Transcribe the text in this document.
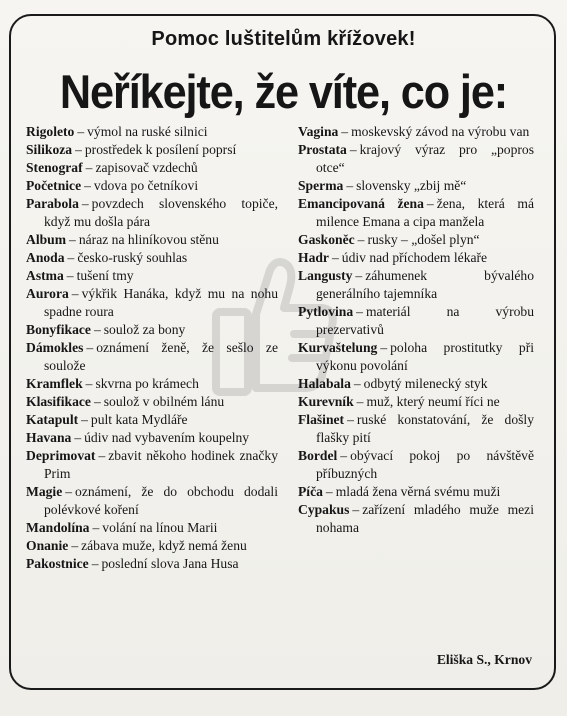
Pomoc luštitelům křížovek!
Neříkejte, že víte, co je:

Rigoleto – výmol na ruské silnici

Silikoza – prostředek k posílení poprsí

Stenograf – zapisovač vzdechů

Početnice – vdova po četníkovi

Parabola – povzdech slovenského topiče, když mu došla pára

Album – náraz na hliníkovou stěnu

Anoda – česko-ruský souhlas

Astma – tušení tmy

Aurora – výkřik Hanáka, když mu na nohu spadne roura

Bonyfikace – soulož za bony

Dámokles – oznámení ženě, že sešlo ze soulože

Kramflek – skvrna po krámech

Klasifikace – soulož v obilném lánu

Katapult – pult kata Mydláře

Havana – údiv nad vybavením koupelny

Deprimovat – zbavit někoho hodinek značky Prim

Magie – oznámení, že do obchodu dodali polévkové koření

Mandolína – volání na línou Marii

Onanie – zábava muže, když nemá ženu

Pakostnice – poslední slova Jana Husa

Vagina – moskevský závod na výrobu van

Prostata – krajový výraz pro „popros otce“

Sperma – slovensky „zbij mě“

Emancipovaná žena – žena, která má milence Emana a cipa manžela

Gaskoněc – rusky – „došel plyn“

Hadr – údiv nad příchodem lékaře

Langusty – záhumenek bývalého generálního tajemníka

Pytlovina – materiál na výrobu prezervativů

Kurvaštelung – poloha prostitutky při výkonu povolání

Halabala – odbytý milenecký styk

Kurevník – muž, který neumí říci ne

Flašinet – ruské konstatování, že došly flašky pití

Bordel – obývací pokoj po návštěvě příbuzných

Píča – mladá žena věrná svému muži

Cypakus – zařízení mladého muže mezi nohama

Eliška S., Krnov
